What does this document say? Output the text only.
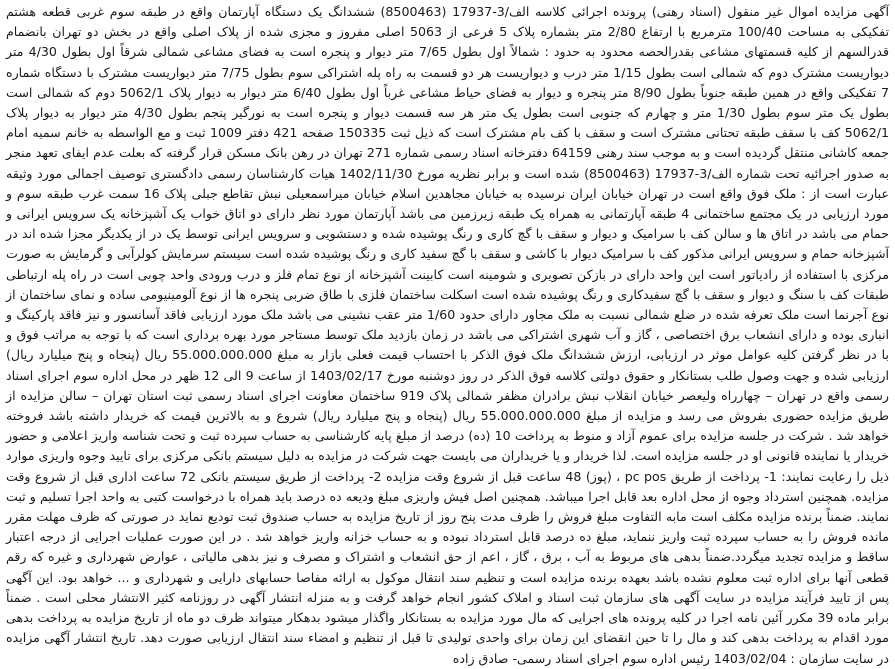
آگهی مزایده اموال غیر منقول (اسناد رهنی) پرونده اجرائی کلاسه الف/3-17937 (8500463) ششدانگ یک دستگاه آپارتمان واقع در طبقه سوم غربی قطعه هشتم تفکیکی به مساحت 100/40 مترمربع با ارتفاع 2/80 متر بشماره پلاک 5 فرعی از 5063 اصلی مفروز و مجزی شده از پلاک اصلی واقع در بخش دو تهران بانضمام قدرالسهم از کلیه قسمتهای مشاعی بقدرالحصه محدود به حدود : شمالاً اول بطول 7/65 متر دیوار و پنجره است به فضای مشاعی شمالی شرقاً اول بطول 4/30 متر دیواریست مشترک دوم که شمالی است بطول 1/15 متر درب و دیواریست هر دو قسمت به راه پله اشتراکی سوم بطول 7/75 متر دیواریست مشترک با دستگاه شماره 7 تفکیکی واقع در همین طبقه جنوباً بطول 8/90 متر پنجره و دیوار به فضای حیاط مشاعی غرباً اول بطول 6/40 متر دیوار به دیوار پلاک 5062/1 دوم که شمالی است بطول یک متر سوم بطول 1/30 متر و چهارم که جنوبی است بطول یک متر هر سه قسمت دیوار و پنجره است به نورگیر پنجم بطول 4/30 متر دیوار به دیوار پلاک 5062/1 کف با سقف طبقه تحتانی مشترک است و سقف با کف بام مشترک است که ذیل ثبت 150335 صفحه 421 دفتر 1009 ثبت و مع الواسطه به خانم سمیه امام جمعه کاشانی منتقل گردیده است و به موجب سند رهنی 64159 دفترخانه اسناد رسمی شماره 271 تهران در رهن بانک مسکن قرار گرفته که بعلت عدم ایفای تعهد منجر به صدور اجرائیه تحت شماره الف/3-17937 (8500463) شده است و برابر نظریه مورخ 1402/11/30 هیات کارشناسان رسمی دادگستری توصیف اجمالی مورد وثیقه عبارت است از : ملک فوق واقع است در تهران خیابان ایران نرسیده به خیابان مجاهدین اسلام خیابان میراسمعیلی نبش تقاطع جبلی پلاک 16 سمت غرب طبقه سوم و مورد ارزیابی در یک مجتمع ساختمانی 4 طبقه آپارتمانی به همراه یک طبقه زیرزمین می باشد آپارتمان مورد نظر دارای دو اتاق خواب یک آشپزخانه یک سرویس ایرانی و حمام می باشد در اتاق ها و سالن کف با سرامیک و دیوار و سقف با گچ کاری و رنگ پوشیده شده و دستشویی و سرویس ایرانی توسط یک در از یکدیگر مجزا شده اند در آشپزخانه حمام و سرویس ایرانی مذکور کف با سرامیک دیوار با کاشی و سقف با گچ سفید کاری و رنگ پوشیده شده است سیستم سرمایش کولرآبی و گرمایش به صورت مرکزی با استفاده از رادیاتور است این واحد دارای در بازکن تصویری و شومینه است کابینت آشپزخانه از نوع تمام فلز و درب ورودی واحد چوبی است در راه پله ارتباطی طبقات کف با سنگ و دیوار و سقف با گچ سفیدکاری و رنگ پوشیده شده است اسکلت ساختمان فلزی با طاق ضربی پنجره ها از نوع آلومینیومی ساده و نمای ساختمان از نوع آجرنما است ملک تعرفه شده در ضلع شمالی نسبت به ملک مجاور دارای حدود 1/60 متر عقب نشینی می باشد ملک مورد ارزیابی فاقد آسانسور و نیز فاقد پارکینگ و انباری بوده و دارای انشعاب برق اختصاصی ، گاز و آب شهری اشتراکی می باشد در زمان بازدید ملک توسط مستاجر مورد بهره برداری است که با توجه به مراتب فوق و با در نظر گرفتن کلیه عوامل موثر در ارزیابی، ارزش ششدانگ ملک فوق الذکر با احتساب قیمت فعلی بازار به مبلغ 55.000.000.000 ریال (پنجاه و پنج میلیارد ریال) ارزیابی شده و جهت وصول طلب بستانکار و حقوق دولتی کلاسه فوق الذکر در روز دوشنبه مورخ 1403/02/17 از ساعت 9 الی 12 ظهر در محل اداره سوم اجرای اسناد رسمی واقع در تهران – چهارراه ولیعصر خیابان انقلاب نبش برادران مظفر شمالی پلاک 919 ساختمان معاونت اجرای اسناد رسمی ثبت استان تهران – سالن مزایده از طریق مزایده حضوری بفروش می رسد و مزایده از مبلغ 55.000.000.000 ریال (پنجاه و پنج میلیارد ریال) شروع و به بالاترین قیمت که خریدار داشته باشد فروخته خواهد شد . شرکت در جلسه مزایده برای عموم آزاد و منوط به پرداخت 10 (ده) درصد از مبلغ پایه کارشناسی به حساب سپرده ثبت و تحت شناسه واریز اعلامی و حضور خریدار یا نماینده قانونی او در جلسه مزایده است. لذا خریدار و یا خریداران می بایست جهت شرکت در مزایده به دلیل سیستم بانکی مرکزی برای تایید وجوه واریزی موارد ذیل را رعایت نمایند: 1- پرداخت از طریق pc pos ، (پوز) 48 ساعت قبل از شروع وقت مزایده 2- پرداخت از طریق سیستم بانکی 72 ساعت اداری قبل از شروع وقت مزایده. همچنین استرداد وجوه از محل اداره بعد قابل اجرا میباشد. همچنین اصل فیش واریزی مبلغ ودیعه ده درصد باید همراه با درخواست کتبی به واحد اجرا تسلیم و ثبت نمایند. ضمناً برنده مزایده مکلف است مابه التفاوت مبلغ فروش را ظرف مدت پنج روز از تاریخ مزایده به حساب صندوق ثبت تودیع نماید در صورتی که ظرف مهلت مقرر مانده فروش را به حساب سپرده ثبت واریز ننماید، مبلغ ده درصد قابل استرداد نبوده و به حساب خزانه واریز خواهد شد . در این صورت عملیات اجرایی از درجه اعتبار ساقط و مزایده تجدید میگردد.ضمناً بدهی های مربوط به آب ، برق ، گاز ، اعم از حق انشعاب و اشتراک و مصرف و نیز بدهی مالیاتی ، عوارض شهرداری و غیره که رقم قطعی آنها برای اداره ثبت معلوم نشده باشد بعهده برنده مزایده است و تنظیم سند انتقال موکول به ارائه مفاصا حسابهای دارایی و شهرداری و ... خواهد بود. این آگهی پس از تایید فرآیند مزایده در سایت آگهی های سازمان ثبت اسناد و املاک کشور انجام خواهد گرفت و به منزله انتشار آگهی در روزنامه کثیر الانتشار محلی است . ضمناً برابر ماده 39 مکرر آئین نامه اجرا در کلیه پرونده های اجرایی که مال مورد مزایده به بستانکار واگذار میشود بدهکار میتواند ظرف دو ماه از تاریخ مزایده به پرداخت بدهی مورد اقدام به پرداخت بدهی کند و مال را تا حین انقضای این زمان برای واحدی تولیدی تا قبل از تنظیم و امضاء سند انتقال ارزیابی صورت دهد. تاریخ انتشار آگهی مزایده در سایت سازمان : 1403/02/04 رئیس اداره سوم اجرای اسناد رسمی- صادق زاده
